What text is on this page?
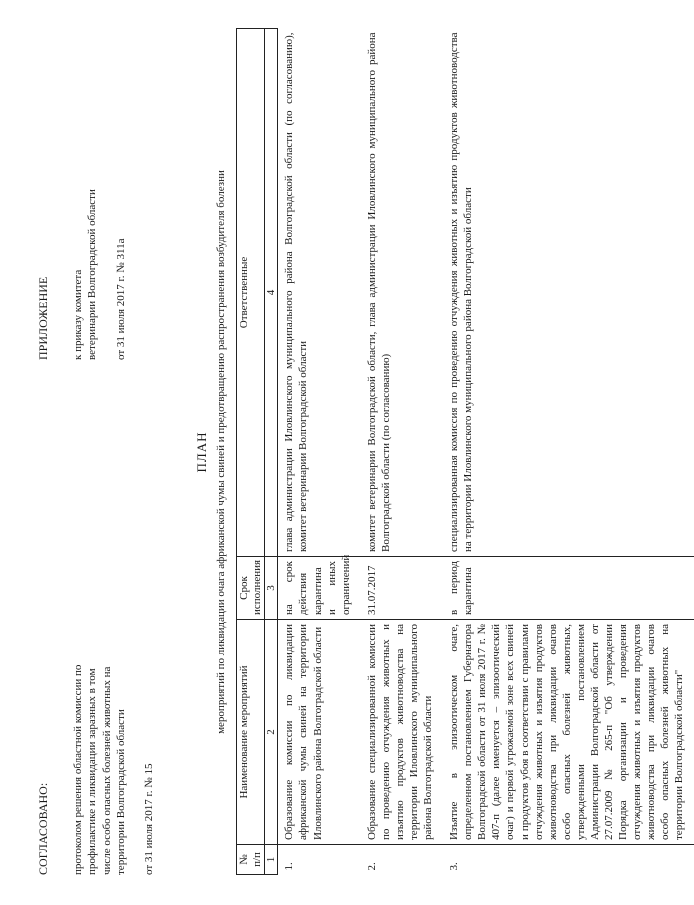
СОГЛАСОВАНО: протоколом решения областной комиссии по профилактике и ликвидации заразных в том числе особо опасных болезней животных на территории Волгоградской области от 31 июля 2017 г. № 15
ПРИЛОЖЕНИЕ к приказу комитета ветеринарии Волгоградской области от 31 июля 2017 г. № 311а
ПЛАН мероприятий по ликвидации очага африканской чумы свиней и предотвращению распространения возбудителя болезни
№ п/п	Наименование мероприятий	Срок исполнения	Ответственные
1	2	3	4
1.	Образование комиссии по ликвидации африканской чумы свиней на территории Иловлинского района Волгоградской области	на срок действия карантина и иных ограничений	глава администрации Иловлинского муниципального района Волгоградской области (по согласованию), комитет ветеринарии Волгоградской области
2.	Образование специализированной комиссии по проведению отчуждения животных и изъятию продуктов животноводства на территории Иловлинского муниципального района Волгоградской области	31.07.2017	комитет ветеринарии Волгоградской области, глава администрации Иловлинского муниципального района Волгоградской области (по согласованию)
3.	Изъятие в эпизоотическом очаге, определенном постановлением Губернатора Волгоградской области от 31 июля 2017 г. № 407-п (далее именуется – эпизоотический очаг) и первой угрожаемой зоне всех свиней и продуктов убоя в соответствии с правилами отчуждения животных и изъятия продуктов животноводства при ликвидации очагов особо опасных болезней животных, утвержденными постановлением Администрации Волгоградской области от 27.07.2009 № 265-п "Об утверждении Порядка организации и проведения отчуждения животных и изъятия продуктов животноводства при ликвидации очагов особо опасных болезней животных на территории Волгоградской области"	в период карантина	специализированная комиссия по проведению отчуждения животных и изъятию продуктов животноводства на территории Иловлинского муниципального района Волгоградской области
